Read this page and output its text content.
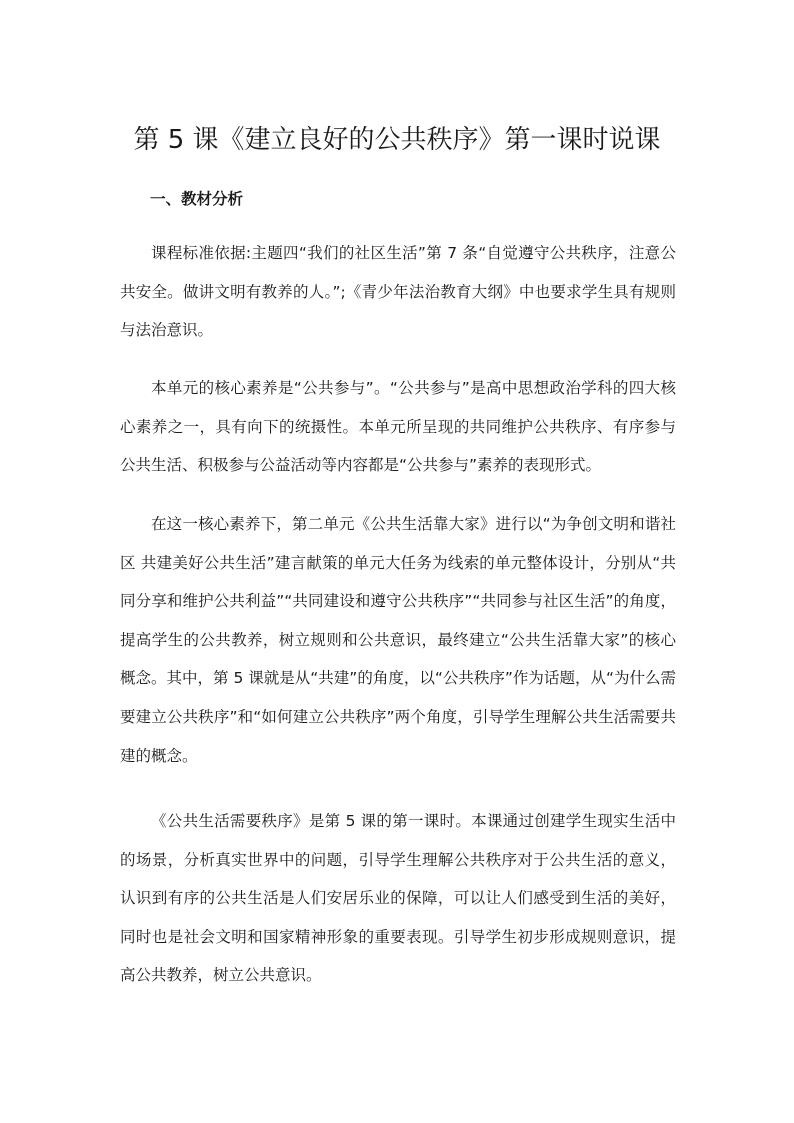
第 5 课《建立良好的公共秩序》第一课时说课
一、教材分析

课程标准依据:主题四“我们的社区生活”第 7 条“自觉遵守公共秩序，注意公共安全。做讲文明有教养的人。”;《青少年法治教育大纲》中也要求学生具有规则与法治意识。

本单元的核心素养是“公共参与”。“公共参与”是高中思想政治学科的四大核心素养之一，具有向下的统摄性。本单元所呈现的共同维护公共秩序、有序参与公共生活、积极参与公益活动等内容都是“公共参与”素养的表现形式。

在这一核心素养下，第二单元《公共生活靠大家》进行以“为争创文明和谐社区 共建美好公共生活”建言献策的单元大任务为线索的单元整体设计，分别从“共同分享和维护公共利益”“共同建设和遵守公共秩序”“共同参与社区生活”的角度，提高学生的公共教养，树立规则和公共意识，最终建立“公共生活靠大家”的核心概念。其中，第 5 课就是从“共建”的角度，以“公共秩序”作为话题，从“为什么需要建立公共秩序”和“如何建立公共秩序”两个角度，引导学生理解公共生活需要共建的概念。

《公共生活需要秩序》是第 5 课的第一课时。本课通过创建学生现实生活中的场景，分析真实世界中的问题，引导学生理解公共秩序对于公共生活的意义，认识到有序的公共生活是人们安居乐业的保障，可以让人们感受到生活的美好，同时也是社会文明和国家精神形象的重要表现。引导学生初步形成规则意识，提高公共教养，树立公共意识。
